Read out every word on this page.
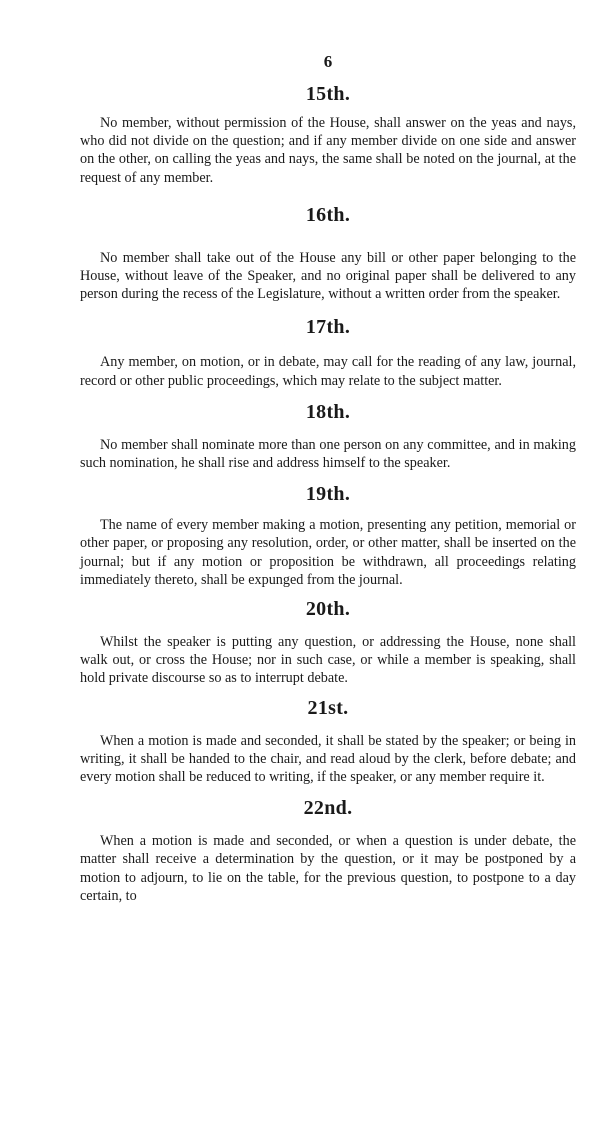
6
15th.

No member, without permission of the House, shall answer on the yeas and nays, who did not divide on the question; and if any member divide on one side and answer on the other, on calling the yeas and nays, the same shall be noted on the journal, at the request of any member.

16th.

No member shall take out of the House any bill or other paper belonging to the House, without leave of the Speaker, and no original paper shall be delivered to any person during the recess of the Legislature, without a written order from the speaker.

17th.

Any member, on motion, or in debate, may call for the reading of any law, journal, record or other public proceedings, which may relate to the subject matter.

18th.

No member shall nominate more than one person on any committee, and in making such nomination, he shall rise and address himself to the speaker.

19th.

The name of every member making a motion, presenting any petition, memorial or other paper, or proposing any resolution, order, or other matter, shall be inserted on the journal; but if any motion or proposition be withdrawn, all proceedings relating immediately thereto, shall be expunged from the journal.

20th.

Whilst the speaker is putting any question, or addressing the House, none shall walk out, or cross the House; nor in such case, or while a member is speaking, shall hold private discourse so as to interrupt debate.

21st.

When a motion is made and seconded, it shall be stated by the speaker; or being in writing, it shall be handed to the chair, and read aloud by the clerk, before debate; and every motion shall be reduced to writing, if the speaker, or any member require it.

22nd.

When a motion is made and seconded, or when a question is under debate, the matter shall receive a determination by the question, or it may be postponed by a motion to adjourn, to lie on the table, for the previous question, to postpone to a day certain, to
